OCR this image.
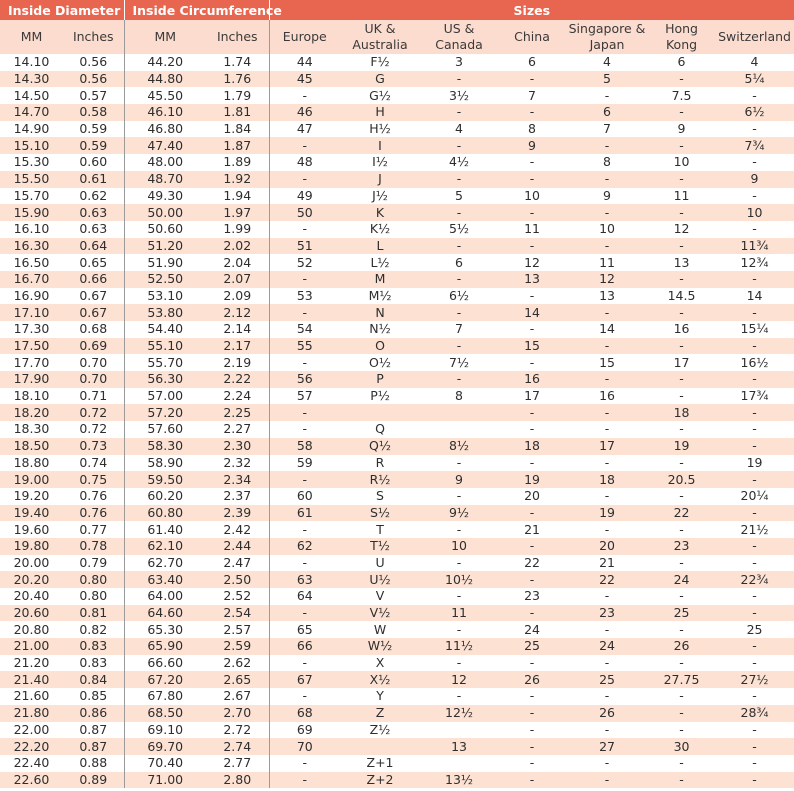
Inside Diameter		Inside Circumference		Sizes						
MM	Inches	MM	Inches	Europe	UK & Australia	US & Canada	China	Singapore & Japan	Hong Kong	Switzerland
14.10	0.56	44.20	1.74	44	F½	3	6	4	6	4
14.30	0.56	44.80	1.76	45	G	-	-	5	-	5¼
14.50	0.57	45.50	1.79	-	G½	3½	7	-	7.5	-
14.70	0.58	46.10	1.81	46	H	-	-	6	-	6½
14.90	0.59	46.80	1.84	47	H½	4	8	7	9	-
15.10	0.59	47.40	1.87	-	I	-	9	-	-	7¾
15.30	0.60	48.00	1.89	48	I½	4½	-	8	10	-
15.50	0.61	48.70	1.92	-	J	-	-	-	-	9
15.70	0.62	49.30	1.94	49	J½	5	10	9	11	-
15.90	0.63	50.00	1.97	50	K	-	-	-	-	10
16.10	0.63	50.60	1.99	-	K½	5½	11	10	12	-
16.30	0.64	51.20	2.02	51	L	-	-	-	-	11¾
16.50	0.65	51.90	2.04	52	L½	6	12	11	13	12¾
16.70	0.66	52.50	2.07	-	M	-	13	12	-	-
16.90	0.67	53.10	2.09	53	M½	6½	-	13	14.5	14
17.10	0.67	53.80	2.12	-	N	-	14	-	-	-
17.30	0.68	54.40	2.14	54	N½	7	-	14	16	15¼
17.50	0.69	55.10	2.17	55	O	-	15	-	-	-
17.70	0.70	55.70	2.19	-	O½	7½	-	15	17	16½
17.90	0.70	56.30	2.22	56	P	-	16	-	-	-
18.10	0.71	57.00	2.24	57	P½	8	17	16	-	17¾
18.20	0.72	57.20	2.25	-			-	-	18	-
18.30	0.72	57.60	2.27	-	Q		-	-	-	-
18.50	0.73	58.30	2.30	58	Q½	8½	18	17	19	-
18.80	0.74	58.90	2.32	59	R	-	-	-	-	19
19.00	0.75	59.50	2.34	-	R½	9	19	18	20.5	-
19.20	0.76	60.20	2.37	60	S	-	20	-	-	20¼
19.40	0.76	60.80	2.39	61	S½	9½	-	19	22	-
19.60	0.77	61.40	2.42	-	T	-	21	-	-	21½
19.80	0.78	62.10	2.44	62	T½	10	-	20	23	-
20.00	0.79	62.70	2.47	-	U	-	22	21	-	-
20.20	0.80	63.40	2.50	63	U½	10½	-	22	24	22¾
20.40	0.80	64.00	2.52	64	V	-	23	-	-	-
20.60	0.81	64.60	2.54	-	V½	11	-	23	25	-
20.80	0.82	65.30	2.57	65	W	-	24	-	-	25
21.00	0.83	65.90	2.59	66	W½	11½	25	24	26	-
21.20	0.83	66.60	2.62	-	X	-	-	-	-	-
21.40	0.84	67.20	2.65	67	X½	12	26	25	27.75	27½
21.60	0.85	67.80	2.67	-	Y	-	-	-	-	-
21.80	0.86	68.50	2.70	68	Z	12½	-	26	-	28¾
22.00	0.87	69.10	2.72	69	Z½		-	-	-	-
22.20	0.87	69.70	2.74	70		13	-	27	30	-
22.40	0.88	70.40	2.77	-	Z+1		-	-	-	-
22.60	0.89	71.00	2.80	-	Z+2	13½	-	-	-	-
